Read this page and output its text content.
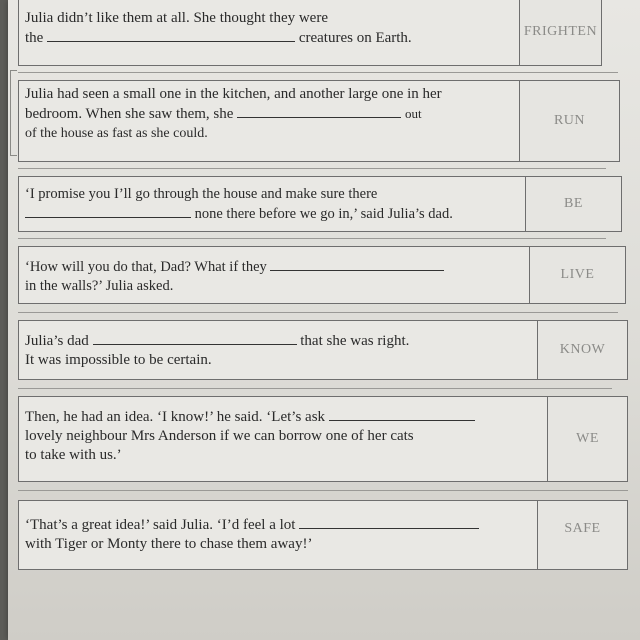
Julia didn’t like them at all. She thought they were
the	creatures on Earth.	FRIGHTEN
Julia had seen a small one in the kitchen, and another large one in her
bedroom. When she saw them, she	out
of the house as fast as she could.
RUN
‘I promise you I’ll go through the house and make sure there
none there before we go in,’ said Julia’s dad.
BE
‘How will you do that, Dad? What if they
in the walls?’ Julia asked.
LIVE
Julia’s dad	that she was right.
It was impossible to be certain.
KNOW
Then, he had an idea. ‘I know!’ he said. ‘Let’s ask
lovely neighbour Mrs Anderson if we can borrow one of her cats
to take with us.’
WE
‘That’s a great idea!’ said Julia. ‘I’d feel a lot
with Tiger or Monty there to chase them away!’
SAFE
